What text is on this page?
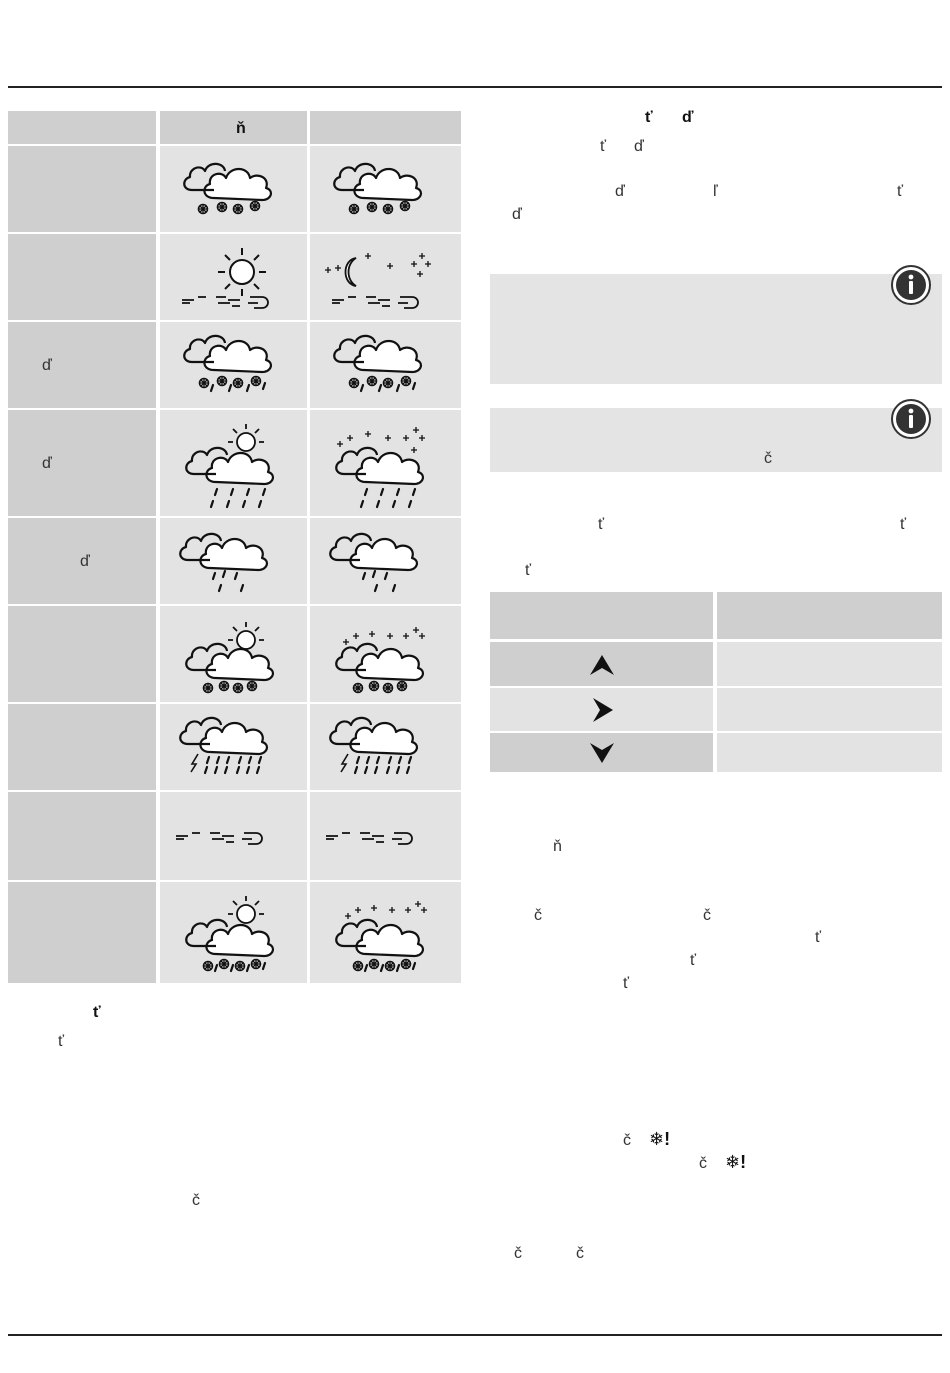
ň
ď
ď
ď
ť
ť
č
ť ď
ť ď
ď	ľ	ť
ď
č
ť	ť
ť
ň
č	č
ť
ť
ť
č ❄!
č ❄!
č	č
